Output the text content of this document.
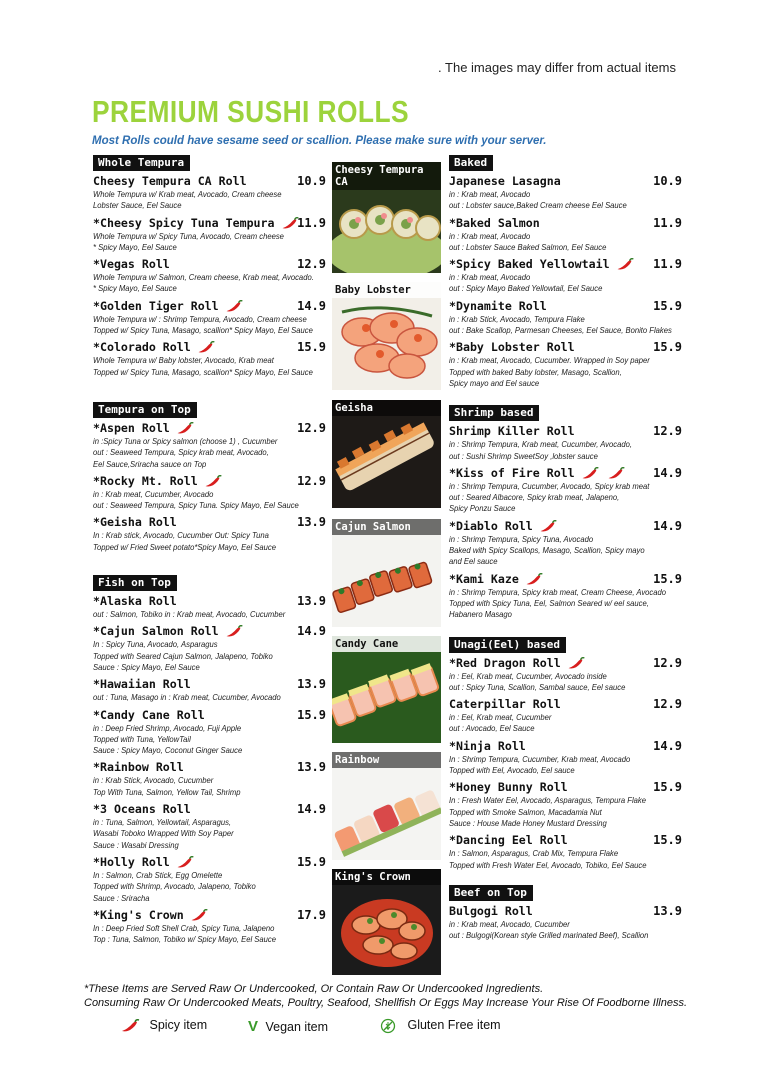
. The images may differ from actual items
PREMIUM SUSHI ROLLS
Most Rolls could have sesame seed or scallion. Please make sure with your server.
Whole Tempura
Cheesy Tempura CA Roll	10.9
Whole Tempura w/ Krab meat, Avocado, Cream cheese
Lobster Sauce, Eel Sauce
*Cheesy Spicy Tuna Tempura	11.9
Whole Tempura w/ Spicy Tuna, Avocado, Cream cheese
* Spicy Mayo, Eel Sauce
*Vegas Roll	12.9
Whole Tempura w/ Salmon, Cream cheese, Krab meat, Avocado.
* Spicy Mayo, Eel Sauce
*Golden Tiger Roll	14.9
Whole Tempura w/ : Shrimp Tempura, Avocado, Cream cheese
Topped w/ Spicy Tuna, Masago, scallion* Spicy Mayo, Eel Sauce
*Colorado Roll	15.9
Whole Tempura w/ Baby lobster, Avocado, Krab meat
Topped w/ Spicy Tuna, Masago, scallion* Spicy Mayo, Eel Sauce
Tempura on Top
*Aspen Roll	12.9
in :Spicy Tuna or Spicy salmon (choose 1) , Cucumber
out : Seaweed Tempura, Spicy krab meat, Avocado,
Eel Sauce,Sriracha sauce on Top
*Rocky Mt. Roll	12.9
in : Krab meat, Cucumber, Avocado
out : Seaweed Tempura, Spicy Tuna. Spicy Mayo, Eel Sauce
*Geisha Roll	13.9
In : Krab stick, Avocado, Cucumber Out: Spicy Tuna
Topped w/ Fried Sweet potato*Spicy Mayo, Eel Sauce
Fish on Top
*Alaska Roll	13.9
out : Salmon, Tobiko in : Krab meat, Avocado, Cucumber
*Cajun Salmon Roll	14.9
In : Spicy Tuna, Avocado, Asparagus
Topped with Seared Cajun Salmon, Jalapeno, Tobiko
Sauce : Spicy Mayo, Eel Sauce
*Hawaiian Roll	13.9
out : Tuna, Masago in : Krab meat, Cucumber, Avocado
*Candy Cane Roll	15.9
in : Deep Fried Shrimp, Avocado, Fuji Apple
Topped with Tuna, YellowTail
Sauce : Spicy Mayo, Coconut Ginger Sauce
*Rainbow Roll	13.9
in : Krab Stick, Avocado, Cucumber
Top With Tuna, Salmon, Yellow Tail, Shrimp
*3 Oceans Roll	14.9
in : Tuna, Salmon, Yellowtail, Asparagus,
Wasabi Toboko Wrapped With Soy Paper
Sauce : Wasabi Dressing
*Holly Roll	15.9
In : Salmon, Crab Stick, Egg Omelette
Topped with Shrimp, Avocado, Jalapeno, Tobiko
Sauce : Sriracha
*King's Crown	17.9
In : Deep Fried Soft Shell Crab, Spicy Tuna, Jalapeno
Top : Tuna, Salmon, Tobiko w/ Spicy Mayo, Eel Sauce
Baked
Japanese Lasagna	10.9
in : Krab meat, Avocado
out : Lobster sauce,Baked Cream cheese Eel Sauce
*Baked Salmon	11.9
in : Krab meat, Avocado
out : Lobster Sauce Baked Salmon, Eel Sauce
*Spicy Baked Yellowtail	11.9
in : Krab meat, Avocado
out : Spicy Mayo Baked Yellowtail, Eel Sauce
*Dynamite Roll	15.9
in : Krab Stick, Avocado, Tempura Flake
out : Bake Scallop, Parmesan Cheeses, Eel Sauce, Bonito Flakes
*Baby Lobster Roll	15.9
in : Krab meat, Avocado, Cucumber. Wrapped in Soy paper
Topped with baked Baby lobster, Masago, Scallion,
Spicy mayo and Eel sauce
Shrimp based
Shrimp Killer Roll	12.9
in : Shrimp Tempura, Krab meat, Cucumber, Avocado,
out : Sushi Shrimp SweetSoy ,lobster sauce
*Kiss of Fire Roll	14.9
in : Shrimp Tempura, Cucumber, Avocado, Spicy krab meat
out : Seared Albacore, Spicy krab meat, Jalapeno,
Spicy Ponzu Sauce
*Diablo Roll	14.9
in : Shrimp Tempura, Spicy Tuna, Avocado
Baked with Spicy Scallops, Masago, Scallion, Spicy mayo
and Eel sauce
*Kami Kaze	15.9
in : Shrimp Tempura, Spicy krab meat, Cream Cheese, Avocado
Topped with Spicy Tuna, Eel, Salmon Seared w/ eel sauce,
Habanero Masago
Unagi(Eel) based
*Red Dragon Roll	12.9
in : Eel, Krab meat, Cucumber, Avocado inside
out : Spicy Tuna, Scallion, Sambal sauce, Eel sauce
Caterpillar Roll	12.9
in : Eel, Krab meat, Cucumber
out : Avocado, Eel Sauce
*Ninja Roll	14.9
In : Shrimp Tempura, Cucumber, Krab meat, Avocado
Topped with Eel, Avocado, Eel sauce
*Honey Bunny Roll	15.9
In : Fresh Water Eel, Avocado, Asparagus, Tempura Flake
Topped with Smoke Salmon, Macadamia Nut
Sauce : House Made Honey Mustard Dressing
*Dancing Eel Roll	15.9
In : Salmon, Asparagus, Crab Mix, Tempura Flake
Topped with Fresh Water Eel, Avocado, Tobiko, Eel Sauce
Beef on Top
Bulgogi Roll	13.9
in : Krab meat, Avocado, Cucumber
out : Bulgogi(Korean style Grilled marinated Beef), Scallion
Cheesy Tempura CA
Baby Lobster
Geisha
Cajun Salmon
Candy Cane
Rainbow
King's Crown
*These Items are Served Raw Or Undercooked, Or Contain Raw Or Undercooked Ingredients.
Consuming Raw Or Undercooked Meats, Poultry, Seafood, Shellfish Or Eggs May Increase Your Rise Of Foodborne Illness.
Spicy item	V Vegan item	Gluten Free item
